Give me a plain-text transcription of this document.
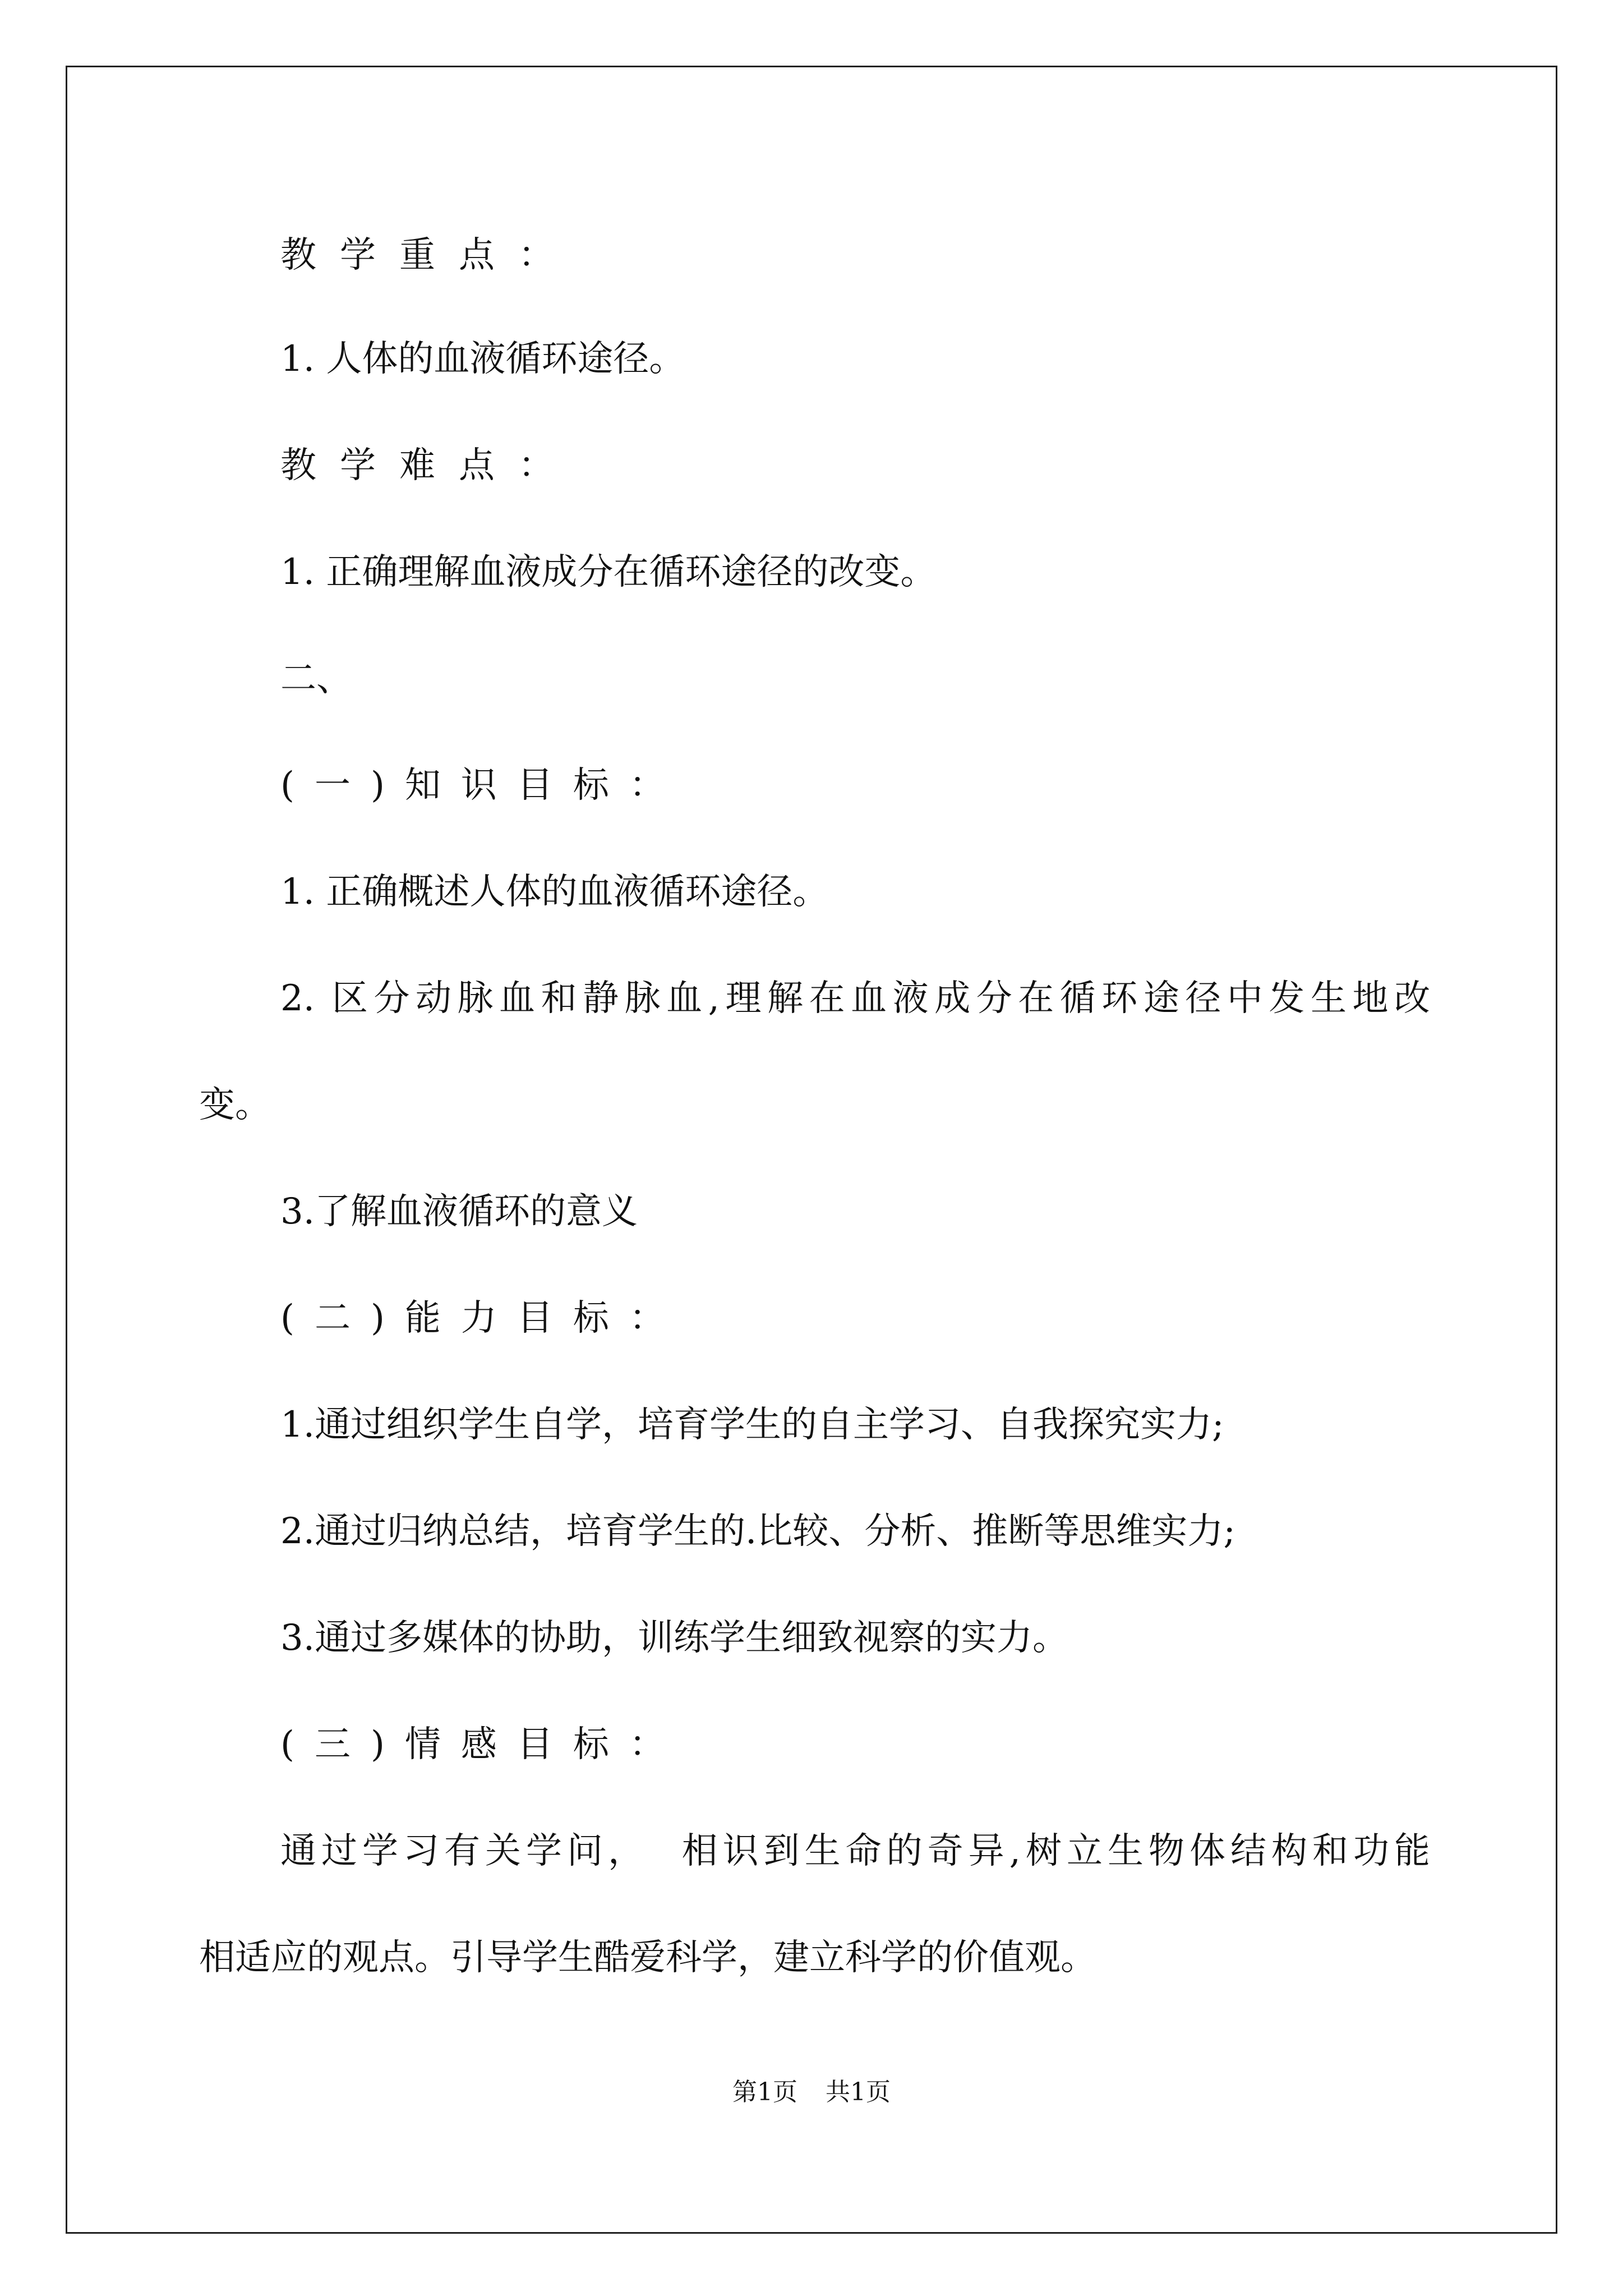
教学重点：
1. 人体的血液循环途径。
教学难点：
1. 正确理解血液成分在循环途径的改变。
二、
(一)知识目标：
1. 正确概述人体的血液循环途径。
2. 区分动脉血和静脉血,理解在血液成分在循环途径中发生地改
变。
3.了解血液循环的意义
(二)能力目标：
1.通过组织学生自学，培育学生的自主学习、自我探究实力;
2.通过归纳总结，培育学生的.比较、分析、推断等思维实力;
3.通过多媒体的协助，训练学生细致视察的实力。
(三)情感目标：
通过学习有关学问，  相识到生命的奇异,树立生物体结构和功能
相适应的观点。引导学生酷爱科学，建立科学的价值观。
第1页 共1页
